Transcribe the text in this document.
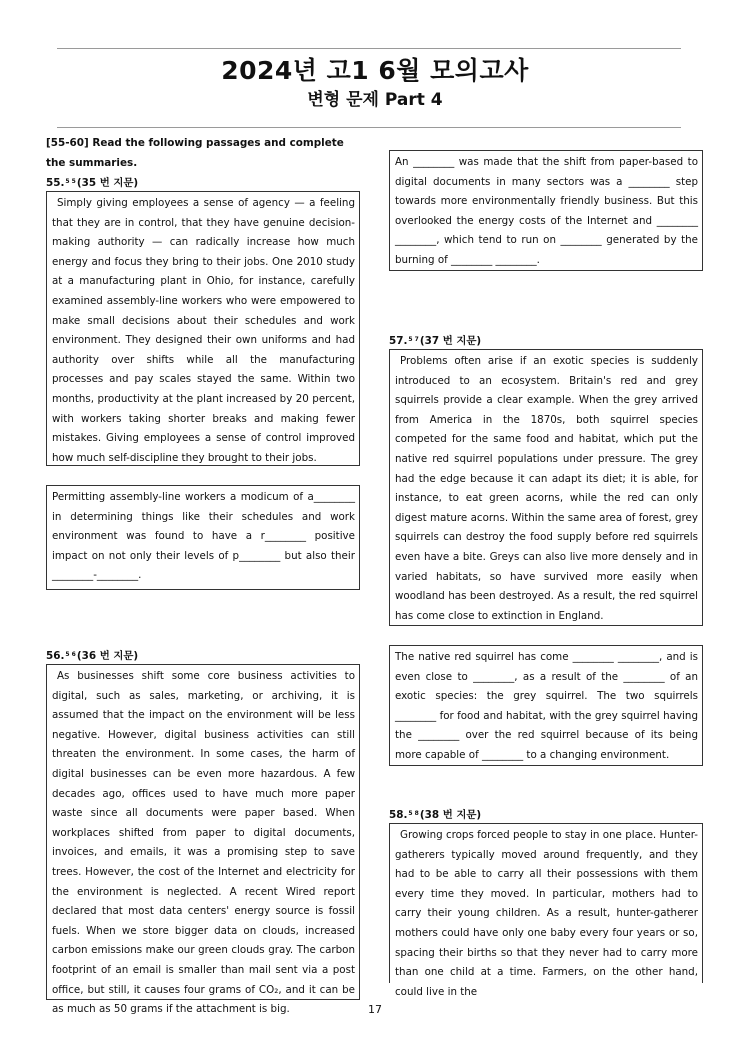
2024년 고1 6월 모의고사
변형 문제 Part 4
[55-60] Read the following passages and complete the summaries.
55.$^{5 5}$(35 번 지문)

Simply giving employees a sense of agency — a feeling that they are in control, that they have genuine decision-making authority — can radically increase how much energy and focus they bring to their jobs. One 2010 study at a manufacturing plant in Ohio, for instance, carefully examined assembly-line workers who were empowered to make small decisions about their schedules and work environment. They designed their own uniforms and had authority over shifts while all the manufacturing processes and pay scales stayed the same. Within two months, productivity at the plant increased by 20 percent, with workers taking shorter breaks and making fewer mistakes. Giving employees a sense of control improved how much self-discipline they brought to their jobs.

Permitting assembly-line workers a modicum of a________ in determining things like their schedules and work environment was found to have a r________ positive impact on not only their levels of p________ but also their ________-________.

56.$^{5 6}$(36 번 지문)

As businesses shift some core business activities to digital, such as sales, marketing, or archiving, it is assumed that the impact on the environment will be less negative. However, digital business activities can still threaten the environment. In some cases, the harm of digital businesses can be even more hazardous. A few decades ago, offices used to have much more paper waste since all documents were paper based. When workplaces shifted from paper to digital documents, invoices, and emails, it was a promising step to save trees. However, the cost of the Internet and electricity for the environment is neglected. A recent Wired report declared that most data centers' energy source is fossil fuels. When we store bigger data on clouds, increased carbon emissions make our green clouds gray. The carbon footprint of an email is smaller than mail sent via a post office, but still, it causes four grams of CO₂, and it can be as much as 50 grams if the attachment is big.

An ________ was made that the shift from paper-based to digital documents in many sectors was a ________ step towards more environmentally friendly business. But this overlooked the energy costs of the Internet and ________ ________, which tend to run on ________ generated by the burning of ________ ________.

57.$^{5 7}$(37 번 지문)

Problems often arise if an exotic species is suddenly introduced to an ecosystem. Britain's red and grey squirrels provide a clear example. When the grey arrived from America in the 1870s, both squirrel species competed for the same food and habitat, which put the native red squirrel populations under pressure. The grey had the edge because it can adapt its diet; it is able, for instance, to eat green acorns, while the red can only digest mature acorns. Within the same area of forest, grey squirrels can destroy the food supply before red squirrels even have a bite. Greys can also live more densely and in varied habitats, so have survived more easily when woodland has been destroyed. As a result, the red squirrel has come close to extinction in England.

The native red squirrel has come ________ ________, and is even close to ________, as a result of the ________ of an exotic species: the grey squirrel. The two squirrels ________ for food and habitat, with the grey squirrel having the ________ over the red squirrel because of its being more capable of ________ to a changing environment.

58.$^{5 8}$(38 번 지문)

Growing crops forced people to stay in one place. Hunter-gatherers typically moved around frequently, and they had to be able to carry all their possessions with them every time they moved. In particular, mothers had to carry their young children. As a result, hunter-gatherer mothers could have only one baby every four years or so, spacing their births so that they never had to carry more than one child at a time. Farmers, on the other hand, could live in the

17
